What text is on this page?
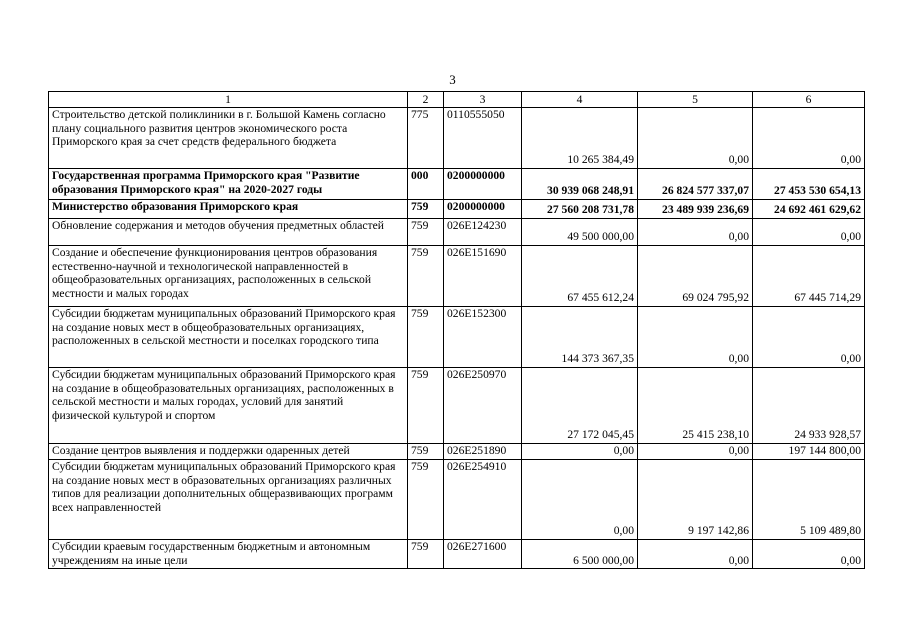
3
1	2	3	4	5	6
Строительство детской поликлиники в г. Большой Камень согласно плану социального развития центров экономического роста Приморского края за счет средств федерального бюджета	775	0110555050	10 265 384,49	0,00	0,00
Государственная программа Приморского края "Развитие образования Приморского края" на 2020-2027 годы	000	0200000000	30 939 068 248,91	26 824 577 337,07	27 453 530 654,13
Министерство образования Приморского края	759	0200000000	27 560 208 731,78	23 489 939 236,69	24 692 461 629,62
Обновление содержания и методов обучения предметных областей	759	026E124230	49 500 000,00	0,00	0,00
Создание и обеспечение функционирования центров образования естественно-научной и технологической направленностей в общеобразовательных организациях, расположенных в сельской местности и малых городах	759	026E151690	67 455 612,24	69 024 795,92	67 445 714,29
Субсидии бюджетам муниципальных образований Приморского края на создание новых мест в общеобразовательных организациях, расположенных в сельской местности и поселках городского типа	759	026E152300	144 373 367,35	0,00	0,00
Субсидии бюджетам муниципальных образований Приморского края на создание в общеобразовательных организациях, расположенных в сельской местности и малых городах, условий для занятий физической культурой и спортом	759	026E250970	27 172 045,45	25 415 238,10	24 933 928,57
Создание центров выявления и поддержки одаренных детей	759	026E251890	0,00	0,00	197 144 800,00
Субсидии бюджетам муниципальных образований Приморского края на создание новых мест в образовательных организациях различных типов для реализации дополнительных общеразвивающих программ всех направленностей	759	026E254910	0,00	9 197 142,86	5 109 489,80
Субсидии краевым государственным бюджетным и автономным учреждениям на иные цели	759	026E271600	6 500 000,00	0,00	0,00
